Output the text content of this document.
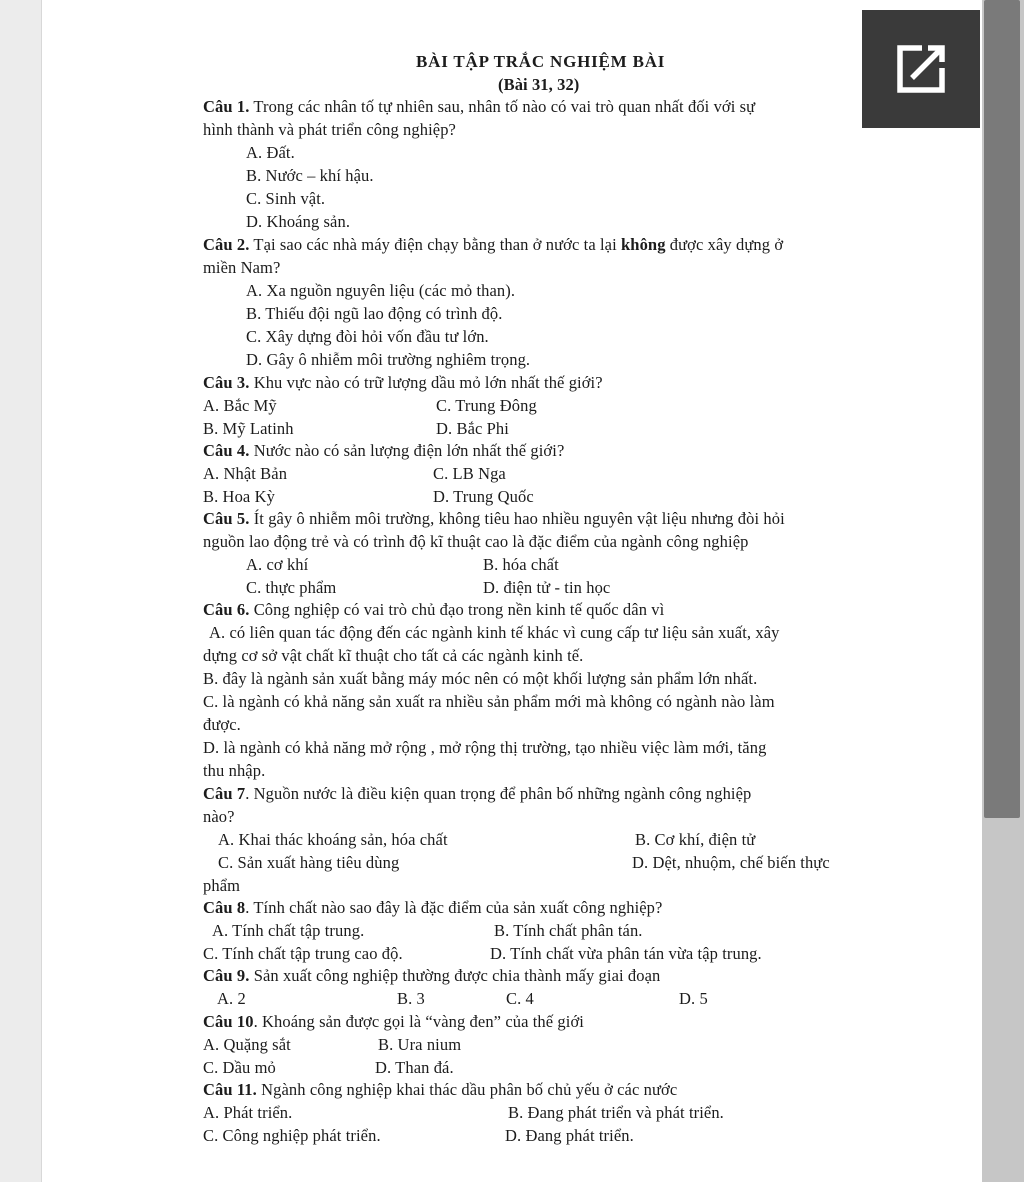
BÀI TẬP TRẮC NGHIỆM BÀI
(Bài 31, 32)
Câu 1. Trong các nhân tố tự nhiên sau, nhân tố nào có vai trò quan nhất đối với sự
hình thành và phát triển công nghiệp?
A. Đất.
B. Nước – khí hậu.
C. Sinh vật.
D. Khoáng sản.
Câu 2. Tại sao các nhà máy điện chạy bằng than ở nước ta lại không được xây dựng ở
miền Nam?
A. Xa nguồn nguyên liệu (các mỏ than).
B. Thiếu đội ngũ lao động có trình độ.
C. Xây dựng đòi hỏi vốn đầu tư lớn.
D. Gây ô nhiễm môi trường nghiêm trọng.
Câu 3. Khu vực nào có trữ lượng dầu mỏ lớn nhất thế giới?
A. Bắc Mỹ	C. Trung Đông
B. Mỹ Latinh	D. Bắc Phi
Câu 4. Nước nào có sản lượng điện lớn nhất thế giới?
A. Nhật Bản	C. LB Nga
B. Hoa Kỳ	D. Trung Quốc
Câu 5. Ít gây ô nhiễm môi trường, không tiêu hao nhiều nguyên vật liệu nhưng đòi hỏi
nguồn lao động trẻ và có trình độ kĩ thuật cao là đặc điểm của ngành công nghiệp
A. cơ khí	B. hóa chất
C. thực phẩm	D. điện tử - tin học
Câu 6. Công nghiệp có vai trò chủ đạo trong nền kinh tế quốc dân vì
A. có liên quan tác động đến các ngành kinh tế khác vì cung cấp tư liệu sản xuất, xây
dựng cơ sở vật chất kĩ thuật cho tất cả các ngành kinh tế.
B. đây là ngành sản xuất bằng máy móc nên có một khối lượng sản phẩm lớn nhất.
C. là ngành có khả năng sản xuất ra nhiều sản phẩm mới mà không có ngành nào làm
được.
D. là ngành có khả năng mở rộng , mở rộng thị trường, tạo nhiều việc làm mới, tăng
thu nhập.
Câu 7. Nguồn nước là điều kiện quan trọng để phân bố những ngành công nghiệp
nào?
A. Khai thác khoáng sản, hóa chất	B. Cơ khí, điện tử
C. Sản xuất hàng tiêu dùng	D. Dệt, nhuộm, chế biến thực
phẩm
Câu 8. Tính chất nào sao đây là đặc điểm của sản xuất công nghiệp?
A. Tính chất tập trung.	B. Tính chất phân tán.
C. Tính chất tập trung cao độ.	D. Tính chất vừa phân tán vừa tập trung.
Câu 9. Sản xuất công nghiệp thường được chia thành mấy giai đoạn
A. 2	B. 3	C. 4	D. 5
Câu 10. Khoáng sản được gọi là “vàng đen” của thế giới
A. Quặng sắt	B. Ura nium
C. Dầu mỏ	D. Than đá.
Câu 11. Ngành công nghiệp khai thác dầu phân bố chủ yếu ở các nước
A. Phát triển.	B. Đang phát triển và phát triển.
C. Công nghiệp phát triển.	D. Đang phát triển.
